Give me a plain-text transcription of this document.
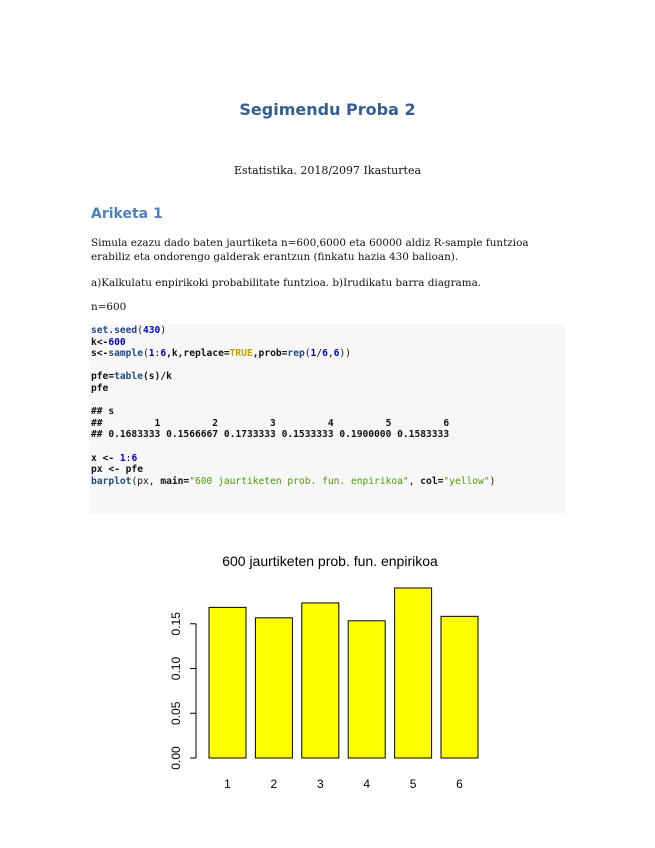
Segimendu Proba 2
Estatistika. 2018/2097 Ikasturtea
Ariketa 1
Simula ezazu dado baten jaurtiketa n=600,6000 eta 60000 aldiz R-sample funtzioa erabiliz eta ondorengo galderak erantzun (finkatu hazia 430 balioan).
a)Kalkulatu enpirikoki probabilitate funtzioa. b)Irudikatu barra diagrama.
n=600
set.seed(430)
k<-600
s<-sample(1:6,k,replace=TRUE,prob=rep(1/6,6))
pfe=table(s)/k
pfe
## s
##         1         2         3         4         5         6
## 0.1683333 0.1566667 0.1733333 0.1533333 0.1900000 0.1583333
x <- 1:6
px <- pfe
barplot(px, main="600 jaurtiketen prob. fun. enpirikoa", col="yellow")
600 jaurtiketen prob. fun. enpirikoa
0.00
0.05
0.10
0.15
1	2	3	4	5	6
